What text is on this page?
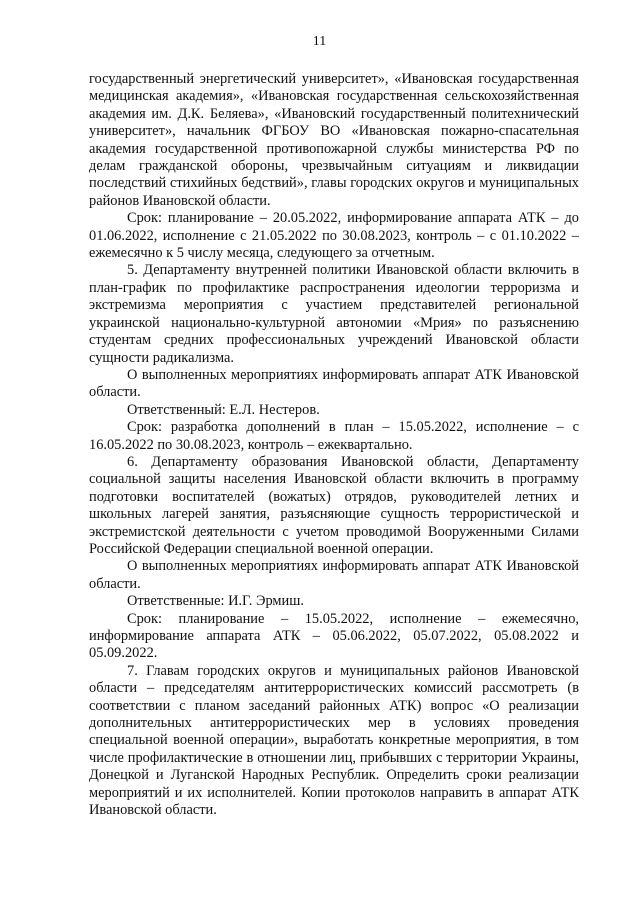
11

государственный энергетический университет», «Ивановская государственная медицинская академия», «Ивановская государственная сельскохозяйственная академия им. Д.К. Беляева», «Ивановский государственный политехнический университет», начальник ФГБОУ ВО «Ивановская пожарно-спасательная академия государственной противопожарной службы министерства РФ по делам гражданской обороны, чрезвычайным ситуациям и ликвидации последствий стихийных бедствий», главы городских округов и муниципальных районов Ивановской области.

Срок: планирование – 20.05.2022, информирование аппарата АТК – до 01.06.2022, исполнение с 21.05.2022 по 30.08.2023, контроль – с 01.10.2022 – ежемесячно к 5 числу месяца, следующего за отчетным.

5. Департаменту внутренней политики Ивановской области включить в план-график по профилактике распространения идеологии терроризма и экстремизма мероприятия с участием представителей региональной украинской национально-культурной автономии «Мрия» по разъяснению студентам средних профессиональных учреждений Ивановской области сущности радикализма.

О выполненных мероприятиях информировать аппарат АТК Ивановской области.

Ответственный: Е.Л. Нестеров.

Срок: разработка дополнений в план – 15.05.2022, исполнение – с 16.05.2022 по 30.08.2023, контроль – ежеквартально.

6. Департаменту образования Ивановской области, Департаменту социальной защиты населения Ивановской области включить в программу подготовки воспитателей (вожатых) отрядов, руководителей летних и школьных лагерей занятия, разъясняющие сущность террористической и экстремистской деятельности с учетом проводимой Вооруженными Силами Российской Федерации специальной военной операции.

О выполненных мероприятиях информировать аппарат АТК Ивановской области.

Ответственные: И.Г. Эрмиш.

Срок: планирование – 15.05.2022, исполнение – ежемесячно, информирование аппарата АТК – 05.06.2022, 05.07.2022, 05.08.2022 и 05.09.2022.

7. Главам городских округов и муниципальных районов Ивановской области – председателям антитеррористических комиссий рассмотреть (в соответствии с планом заседаний районных АТК) вопрос «О реализации дополнительных антитеррористических мер в условиях проведения специальной военной операции», выработать конкретные мероприятия, в том числе профилактические в отношении лиц, прибывших с территории Украины, Донецкой и Луганской Народных Республик. Определить сроки реализации мероприятий и их исполнителей. Копии протоколов направить в аппарат АТК Ивановской области.
